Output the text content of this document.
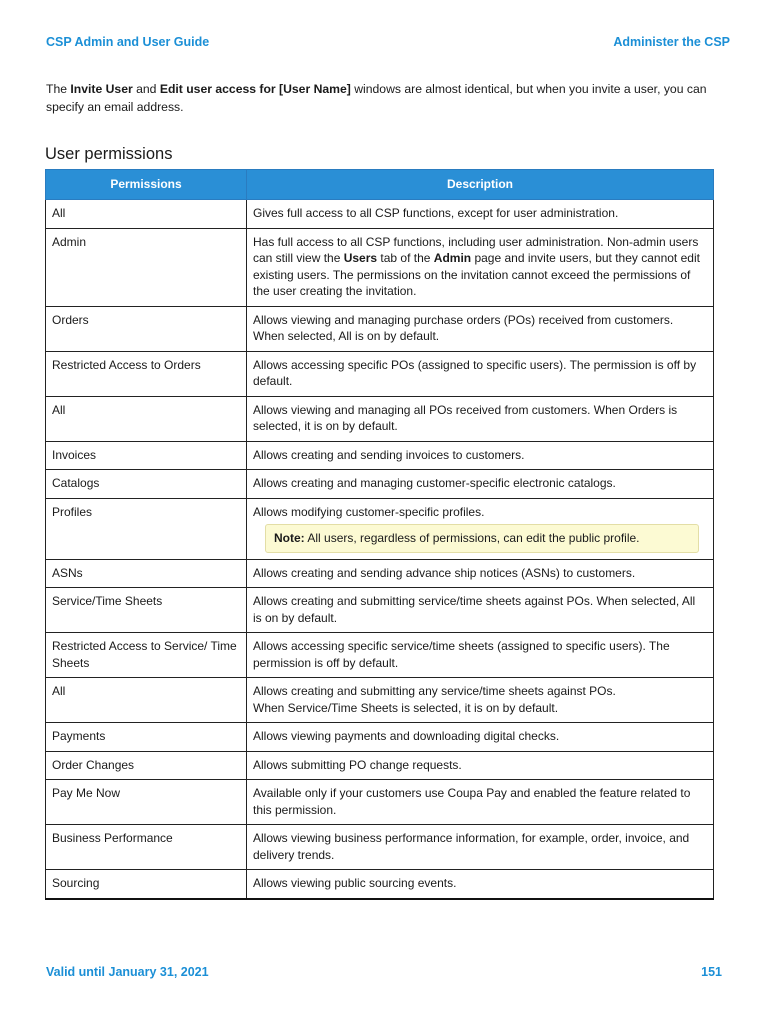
CSP Admin and User Guide	Administer the CSP

The Invite User and Edit user access for [User Name] windows are almost identical, but when you invite a user, you can specify an email address.

User permissions
Permissions	Description
All	Gives full access to all CSP functions, except for user administration.
Admin	Has full access to all CSP functions, including user administration. Non-admin users can still view the Users tab of the Admin page and invite users, but they cannot edit existing users. The permissions on the invitation cannot exceed the permissions of the user creating the invitation.
Orders	Allows viewing and managing purchase orders (POs) received from customers. When selected, All is on by default.
Restricted Access to Orders	Allows accessing specific POs (assigned to specific users). The permission is off by default.
All	Allows viewing and managing all POs received from customers. When Orders is selected, it is on by default.
Invoices	Allows creating and sending invoices to customers.
Catalogs	Allows creating and managing customer-specific electronic catalogs.
Profiles	Allows modifying customer-specific profiles.
Note: All users, regardless of permissions, can edit the public profile.

ASNs	Allows creating and sending advance ship notices (ASNs) to customers.
Service/Time Sheets	Allows creating and submitting service/time sheets against POs. When selected, All is on by default.
Restricted Access to Service/ Time Sheets	Allows accessing specific service/time sheets (assigned to specific users). The permission is off by default.
All	Allows creating and submitting any service/time sheets against POs.
When Service/Time Sheets is selected, it is on by default.

Payments	Allows viewing payments and downloading digital checks.
Order Changes	Allows submitting PO change requests.
Pay Me Now	Available only if your customers use Coupa Pay and enabled the feature related to this permission.
Business Performance	Allows viewing business performance information, for example, order, invoice, and delivery trends.
Sourcing	Allows viewing public sourcing events.
Valid until January 31, 2021	151
